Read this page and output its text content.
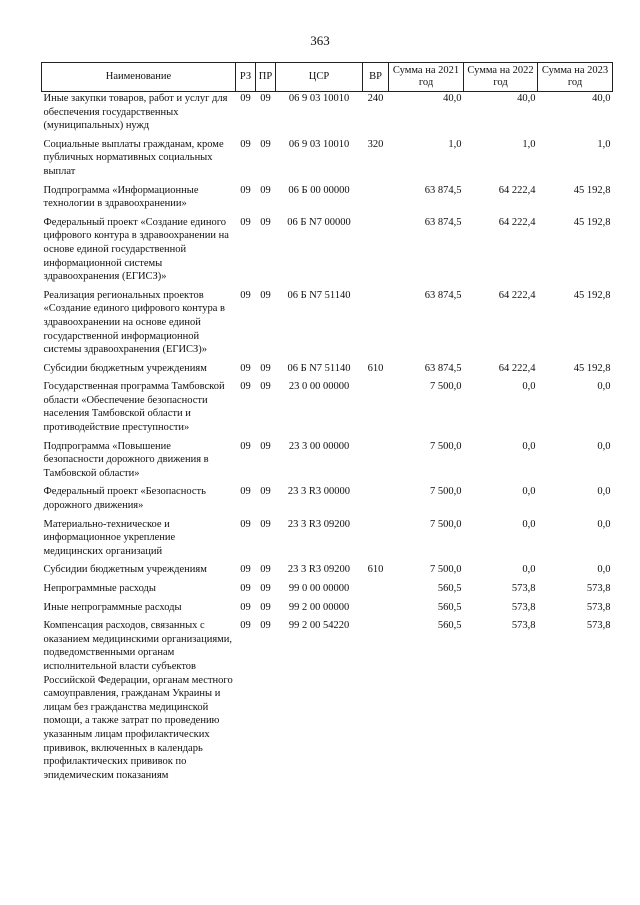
363
Наименование	РЗ	ПР	ЦСР	ВР	Сумма на 2021 год	Сумма на 2022 год	Сумма на 2023 год
Иные закупки товаров, работ и услуг для обеспечения государственных (муниципальных) нужд	09	09	06 9 03 10010	240	40,0	40,0	40,0
Социальные выплаты гражданам, кроме публичных нормативных социальных выплат	09	09	06 9 03 10010	320	1,0	1,0	1,0
Подпрограмма «Информационные технологии в здравоохранении»	09	09	06 Б 00 00000		63 874,5	64 222,4	45 192,8
Федеральный проект «Создание единого цифрового контура в здравоохранении на основе единой государственной информационной системы здравоохранения (ЕГИСЗ)»	09	09	06 Б N7 00000		63 874,5	64 222,4	45 192,8
Реализация региональных проектов «Создание единого цифрового контура в здравоохранении на основе единой государственной информационной системы здравоохранения (ЕГИСЗ)»	09	09	06 Б N7 51140		63 874,5	64 222,4	45 192,8
Субсидии бюджетным учреждениям	09	09	06 Б N7 51140	610	63 874,5	64 222,4	45 192,8
Государственная программа Тамбовской области «Обеспечение безопасности населения Тамбовской области и противодействие преступности»	09	09	23 0 00 00000		7 500,0	0,0	0,0
Подпрограмма «Повышение безопасности дорожного движения в Тамбовской области»	09	09	23 3 00 00000		7 500,0	0,0	0,0
Федеральный проект «Безопасность дорожного движения»	09	09	23 3 R3 00000		7 500,0	0,0	0,0
Материально-техническое и информационное укрепление медицинских организаций	09	09	23 3 R3 09200		7 500,0	0,0	0,0
Субсидии бюджетным учреждениям	09	09	23 3 R3 09200	610	7 500,0	0,0	0,0
Непрограммные расходы	09	09	99 0 00 00000		560,5	573,8	573,8
Иные непрограммные расходы	09	09	99 2 00 00000		560,5	573,8	573,8
Компенсация расходов, связанных с оказанием медицинскими организациями, подведомственными органам исполнительной власти субъектов Российской Федерации, органам местного самоуправления, гражданам Украины и лицам без гражданства медицинской помощи, а также затрат по проведению указанным лицам профилактических прививок, включенных в календарь профилактических прививок по эпидемическим показаниям	09	09	99 2 00 54220		560,5	573,8	573,8
